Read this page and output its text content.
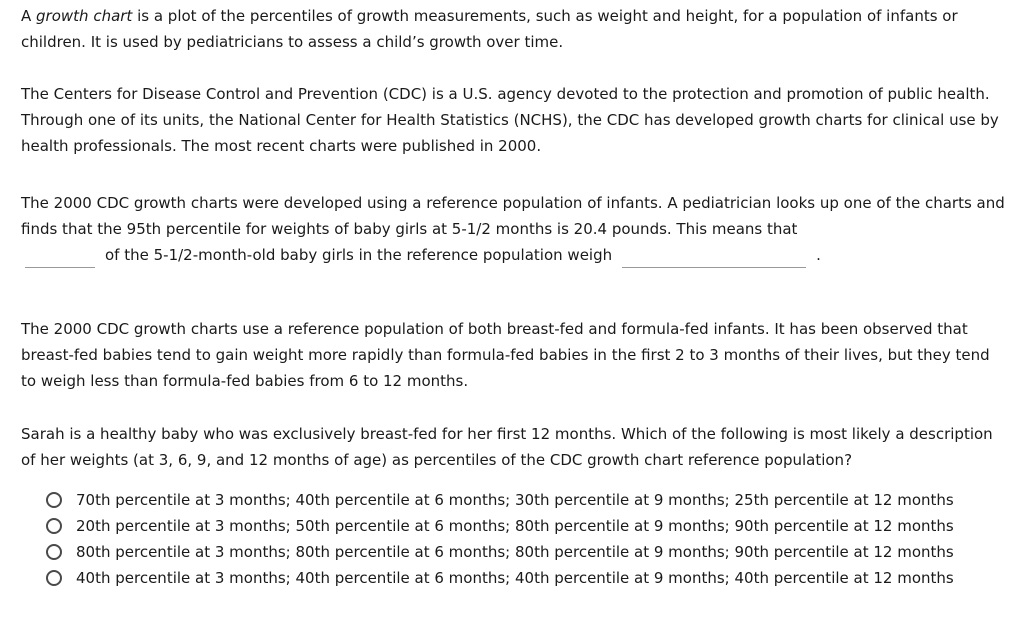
A growth chart is a plot of the percentiles of growth measurements, such as weight and height, for a population of infants or children. It is used by pediatricians to assess a child’s growth over time.

The Centers for Disease Control and Prevention (CDC) is a U.S. agency devoted to the protection and promotion of public health. Through one of its units, the National Center for Health Statistics (NCHS), the CDC has developed growth charts for clinical use by health professionals. The most recent charts were published in 2000.

The 2000 CDC growth charts were developed using a reference population of infants. A pediatrician looks up one of the charts and finds that the 95th percentile for weights of baby girls at 5-1/2 months is 20.4 pounds. This means that

of the 5-1/2-month-old baby girls in the reference population weigh	.

The 2000 CDC growth charts use a reference population of both breast-fed and formula-fed infants. It has been observed that breast-fed babies tend to gain weight more rapidly than formula-fed babies in the first 2 to 3 months of their lives, but they tend to weigh less than formula-fed babies from 6 to 12 months.

Sarah is a healthy baby who was exclusively breast-fed for her first 12 months. Which of the following is most likely a description of her weights (at 3, 6, 9, and 12 months of age) as percentiles of the CDC growth chart reference population?

70th percentile at 3 months; 40th percentile at 6 months; 30th percentile at 9 months; 25th percentile at 12 months
20th percentile at 3 months; 50th percentile at 6 months; 80th percentile at 9 months; 90th percentile at 12 months
80th percentile at 3 months; 80th percentile at 6 months; 80th percentile at 9 months; 90th percentile at 12 months
40th percentile at 3 months; 40th percentile at 6 months; 40th percentile at 9 months; 40th percentile at 12 months
